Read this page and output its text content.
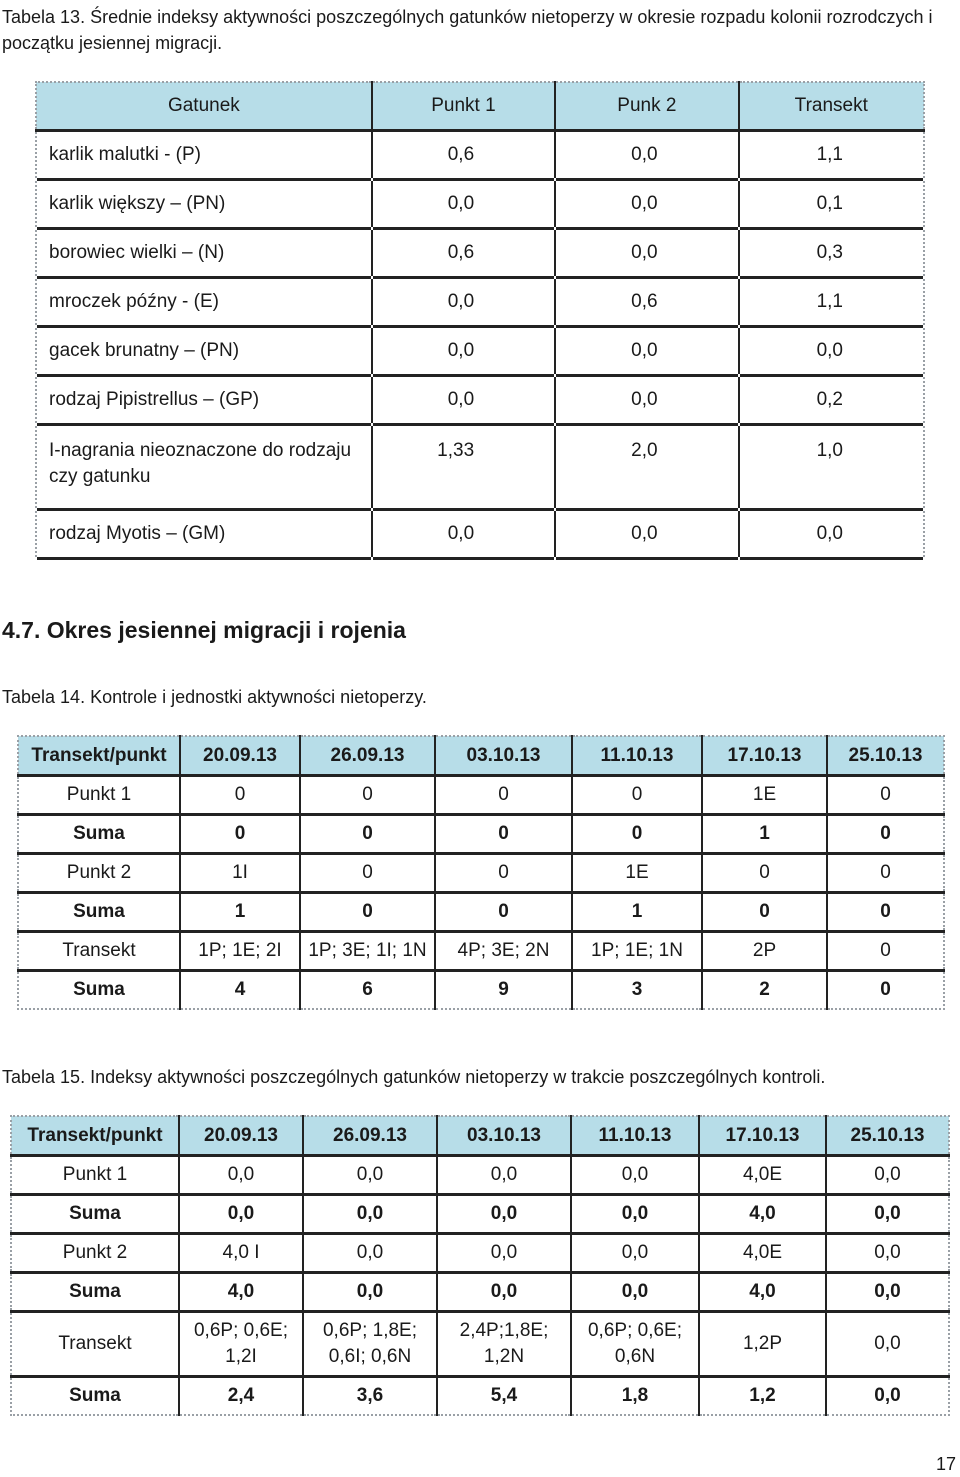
Tabela 13. Średnie indeksy aktywności poszczególnych gatunków nietoperzy w okresie rozpadu kolonii rozrodczych i początku jesiennej migracji.
Gatunek	Punkt 1	Punk 2	Transekt
karlik malutki - (P)	0,6	0,0	1,1
karlik większy – (PN)	0,0	0,0	0,1
borowiec wielki – (N)	0,6	0,0	0,3
mroczek późny - (E)	0,0	0,6	1,1
gacek brunatny – (PN)	0,0	0,0	0,0
rodzaj Pipistrellus – (GP)	0,0	0,0	0,2
I-nagrania nieoznaczone do rodzaju czy gatunku	1,33	2,0	1,0
rodzaj Myotis – (GM)	0,0	0,0	0,0
4.7. Okres jesiennej migracji i rojenia
Tabela 14. Kontrole i jednostki aktywności nietoperzy.
Transekt/punkt	20.09.13	26.09.13	03.10.13	11.10.13	17.10.13	25.10.13
Punkt 1	0	0	0	0	1E	0
Suma	0	0	0	0	1	0
Punkt 2	1I	0	0	1E	0	0
Suma	1	0	0	1	0	0
Transekt	1P; 1E; 2I	1P; 3E; 1I; 1N	4P; 3E; 2N	1P; 1E; 1N	2P	0
Suma	4	6	9	3	2	0
Tabela 15. Indeksy aktywności poszczególnych gatunków nietoperzy w trakcie poszczególnych kontroli.
Transekt/punkt	20.09.13	26.09.13	03.10.13	11.10.13	17.10.13	25.10.13
Punkt 1	0,0	0,0	0,0	0,0	4,0E	0,0
Suma	0,0	0,0	0,0	0,0	4,0	0,0
Punkt 2	4,0 I	0,0	0,0	0,0	4,0E	0,0
Suma	4,0	0,0	0,0	0,0	4,0	0,0
Transekt	0,6P; 0,6E; 1,2I	0,6P; 1,8E; 0,6I; 0,6N	2,4P;1,8E; 1,2N	0,6P; 0,6E; 0,6N	1,2P	0,0
Suma	2,4	3,6	5,4	1,8	1,2	0,0
17
